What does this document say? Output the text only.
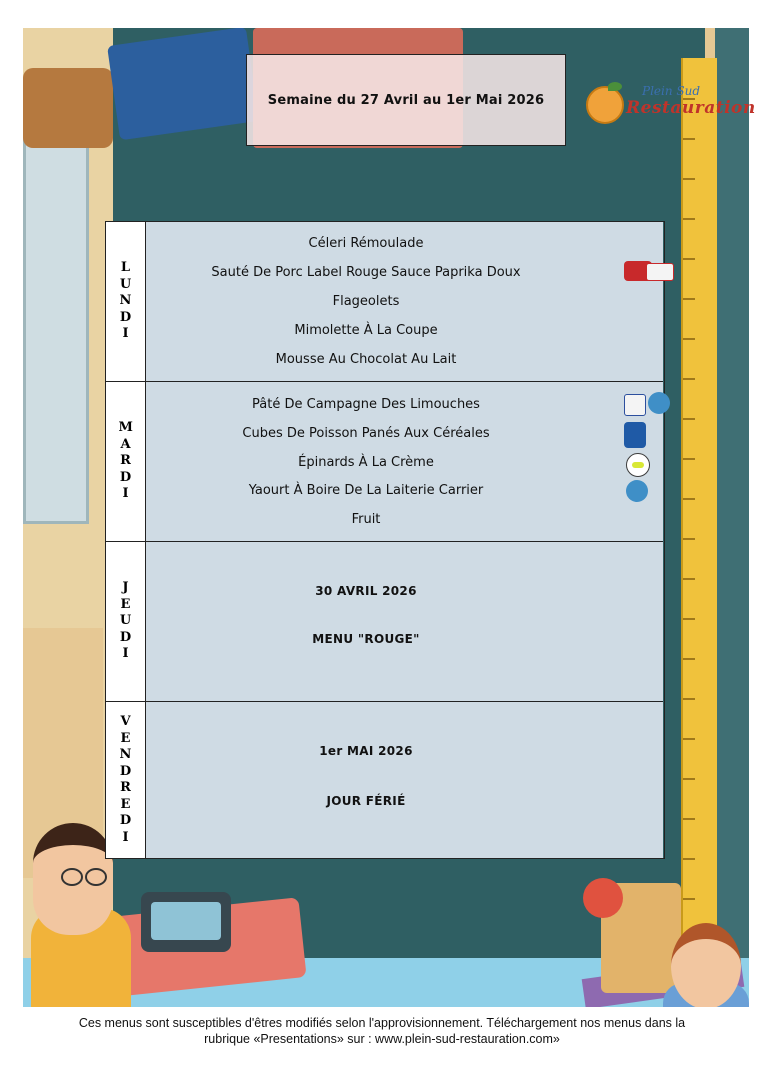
Semaine du 27 Avril au 1er Mai 2026
Plein Sud
Restauration
LUNDI
Céleri Rémoulade
Sauté De Porc Label Rouge Sauce Paprika Doux
Flageolets
Mimolette À La Coupe
Mousse Au Chocolat Au Lait
MARDI
Pâté De Campagne Des Limouches
Cubes De Poisson Panés Aux Céréales
Épinards À La Crème
Yaourt À Boire De La Laiterie Carrier
Fruit
JEUDI
30 AVRIL 2026
MENU "ROUGE"
VENDREDI
1er MAI 2026
JOUR FÉRIÉ
Ces menus sont susceptibles d'êtres modifiés selon l'approvisionnement. Téléchargement nos menus dans la
rubrique «Presentations» sur : www.plein-sud-restauration.com»
